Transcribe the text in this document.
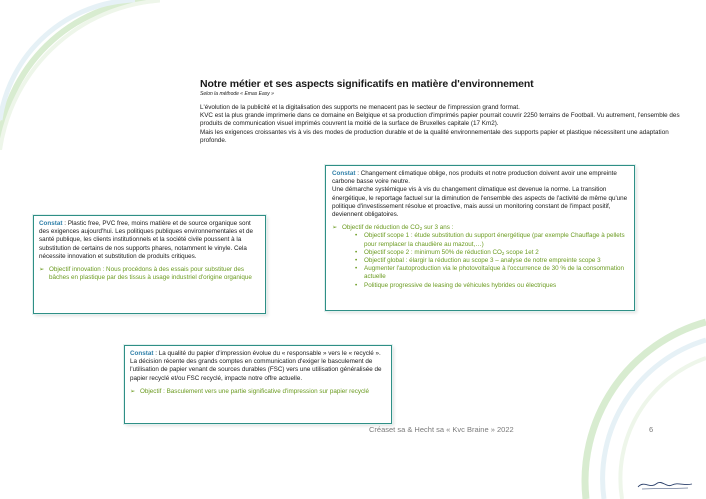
Notre métier et ses aspects significatifs en matière d'environnement
Selon la méthode « Emas Easy »

L'évolution de la publicité et la digitalisation des supports ne menacent pas le secteur de l'impression grand format.

KVC est la plus grande imprimerie dans ce domaine en Belgique et sa production d'imprimés papier pourrait couvrir 2250 terrains de Football. Vu autrement, l'ensemble des produits de communication visuel imprimés couvrent la moitié de la surface de Bruxelles capitale (17 Km2).

Mais les exigences croissantes vis à vis des modes de production durable et de la qualité environnementale des supports papier et plastique nécessitent une adaptation profonde.

Constat : Changement climatique oblige, nos produits et notre production doivent avoir une empreinte carbone basse voire neutre.

Une démarche systémique vis à vis du changement climatique est devenue la norme. La transition énergétique, le reportage factuel sur la diminution de l'ensemble des aspects de l'activité de même qu'une politique d'investissement résolue et proactive, mais aussi un monitoring constant de l'impact positif, deviennent obligatoires.

➢ Objectif de réduction de $CO_2$ sur 3 ans :

• Objectif scope 1 : étude substitution du support énergétique (par exemple Chauffage à pellets pour remplacer la chaudière au mazout,…)
• Objectif scope 2 : minimum 50% de réduction $CO_2$ scope 1et 2
• Objectif global : élargir la réduction au scope 3 – analyse de notre empreinte scope 3
• Augmenter l'autoproduction via le photovoltaïque à l'occurrence de 30 % de la consommation actuelle
• Politique progressive de leasing de véhicules hybrides ou électriques

Constat : Plastic free, PVC free, moins matière et de source organique sont des exigences aujourd'hui. Les politiques publiques environnementales et de santé publique, les clients institutionnels et la société civile poussent à la substitution de certains de nos supports phares, notamment le vinyle. Cela nécessite innovation et substitution de produits critiques.

➢ Objectif innovation : Nous procédons à des essais pour substituer des bâches en plastique par des tissus à usage industriel d'origine organique

Constat : La qualité du papier d'impression évolue du « responsable » vers le « recyclé ». La décision récente des grands comptes en communication d'exiger le basculement de l'utilisation de papier venant de sources durables (FSC) vers une utilisation généralisée de papier recyclé et/ou FSC recyclé, impacte notre offre actuelle.

➢ Objectif : Basculement vers une partie significative d'impression sur papier recyclé

Créaset sa & Hecht sa « Kvc Braine » 2022	6
